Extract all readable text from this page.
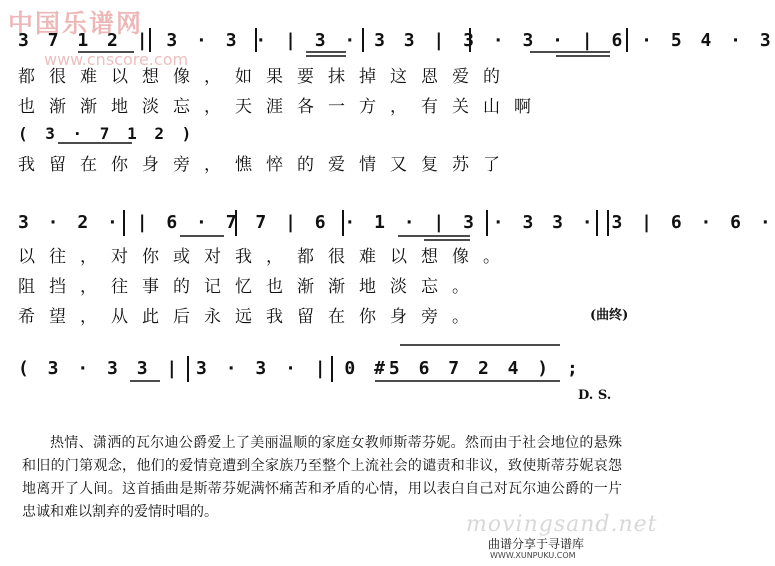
中国乐谱网
www.cnscore.com
3 7 1 2 | 3 · 3 · | 3 · 3 3 | 3 · 3 · | 6 · 5 4 · 3
都很难以想像，如果要抹掉这恩爱的
也渐渐地淡忘，天涯各一方，有关山啊
( 3 · 7 1 2 )
我留在你身旁，憔悴的爱情又复苏了
3 · 2 · | 6 · 7 7 | 6 · 1 · | 3 · 3 3 · 3 | 6 · 6 ·
以往，对你或对我，都很难以想像。
阻挡，往事的记忆也渐渐地淡忘。
希望，从此后永远我留在你身旁。	(曲终)
( 3 · 3 3 | 3 · 3 · | 0 #5 6 7 2 4 ) ;
D. S.
热情、潇洒的瓦尔迪公爵爱上了美丽温顺的家庭女教师斯蒂芬妮。然而由于社会地位的悬殊和旧的门第观念，他们的爱情竟遭到全家族乃至整个上流社会的谴责和非议，致使斯蒂芬妮哀怨地离开了人间。这首插曲是斯蒂芬妮满怀痛苦和矛盾的心情，用以表白自己对瓦尔迪公爵的一片忠诚和难以割弃的爱情时唱的。	movingsand.net
曲谱分享于寻谱库
WWW.XUNPUKU.COM
